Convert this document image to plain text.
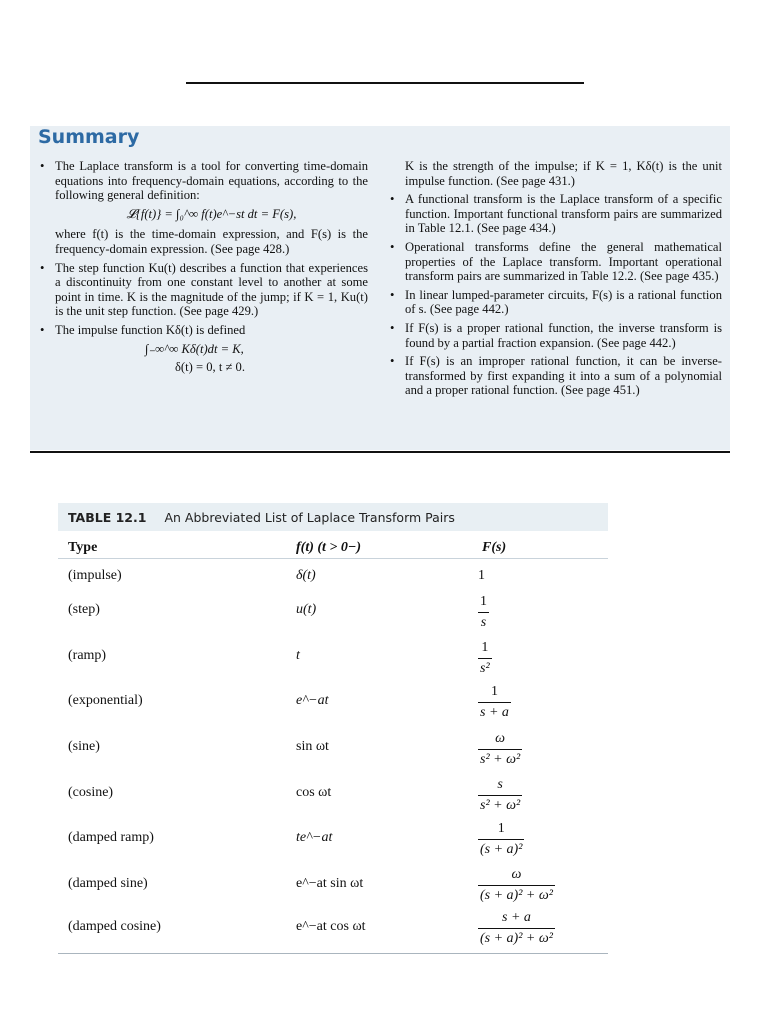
Summary
• The Laplace transform is a tool for converting time-domain equations into frequency-domain equations, according to the following general definition:
𝓛{f(t)} = ∫₀^∞ f(t)e^−st dt = F(s),
where f(t) is the time-domain expression, and F(s) is the frequency-domain expression. (See page 428.)
• The step function Ku(t) describes a function that experiences a discontinuity from one constant level to another at some point in time. K is the magnitude of the jump; if K = 1, Ku(t) is the unit step function. (See page 429.)
• The impulse function Kδ(t) is defined
∫₋∞^∞ Kδ(t)dt = K,
δ(t) = 0, t ≠ 0.
K is the strength of the impulse; if K = 1, Kδ(t) is the unit impulse function. (See page 431.)
• A functional transform is the Laplace transform of a specific function. Important functional transform pairs are summarized in Table 12.1. (See page 434.)
• Operational transforms define the general mathematical properties of the Laplace transform. Important operational transform pairs are summarized in Table 12.2. (See page 435.)
• In linear lumped-parameter circuits, F(s) is a rational function of s. (See page 442.)
• If F(s) is a proper rational function, the inverse transform is found by a partial fraction expansion. (See page 442.)
• If F(s) is an improper rational function, it can be inverse-transformed by first expanding it into a sum of a polynomial and a proper rational function. (See page 451.)
TABLE 12.1 An Abbreviated List of Laplace Transform Pairs
Type	f(t) (t > 0−)	F(s)
(impulse)	δ(t)	1
(step)	u(t)	$\frac{1}{s}$
(ramp)	t	$\frac{1}{\text{s²}}$
(exponential)	e^−at	$\frac{1}{s + a}$
(sine)	sin ωt	$\frac{\omega}{\text{s² + ω²}}$
(cosine)	cos ωt	$\frac{s}{\text{s² + ω²}}$
(damped ramp)	te^−at	$\frac{1}{\text{(s + a)²}}$
(damped sine)	e^−at sin ωt	$\frac{\omega}{\text{(s + a)² + ω²}}$
(damped cosine)	e^−at cos ωt	$\frac{s + a}{\text{(s + a)² + ω²}}$
